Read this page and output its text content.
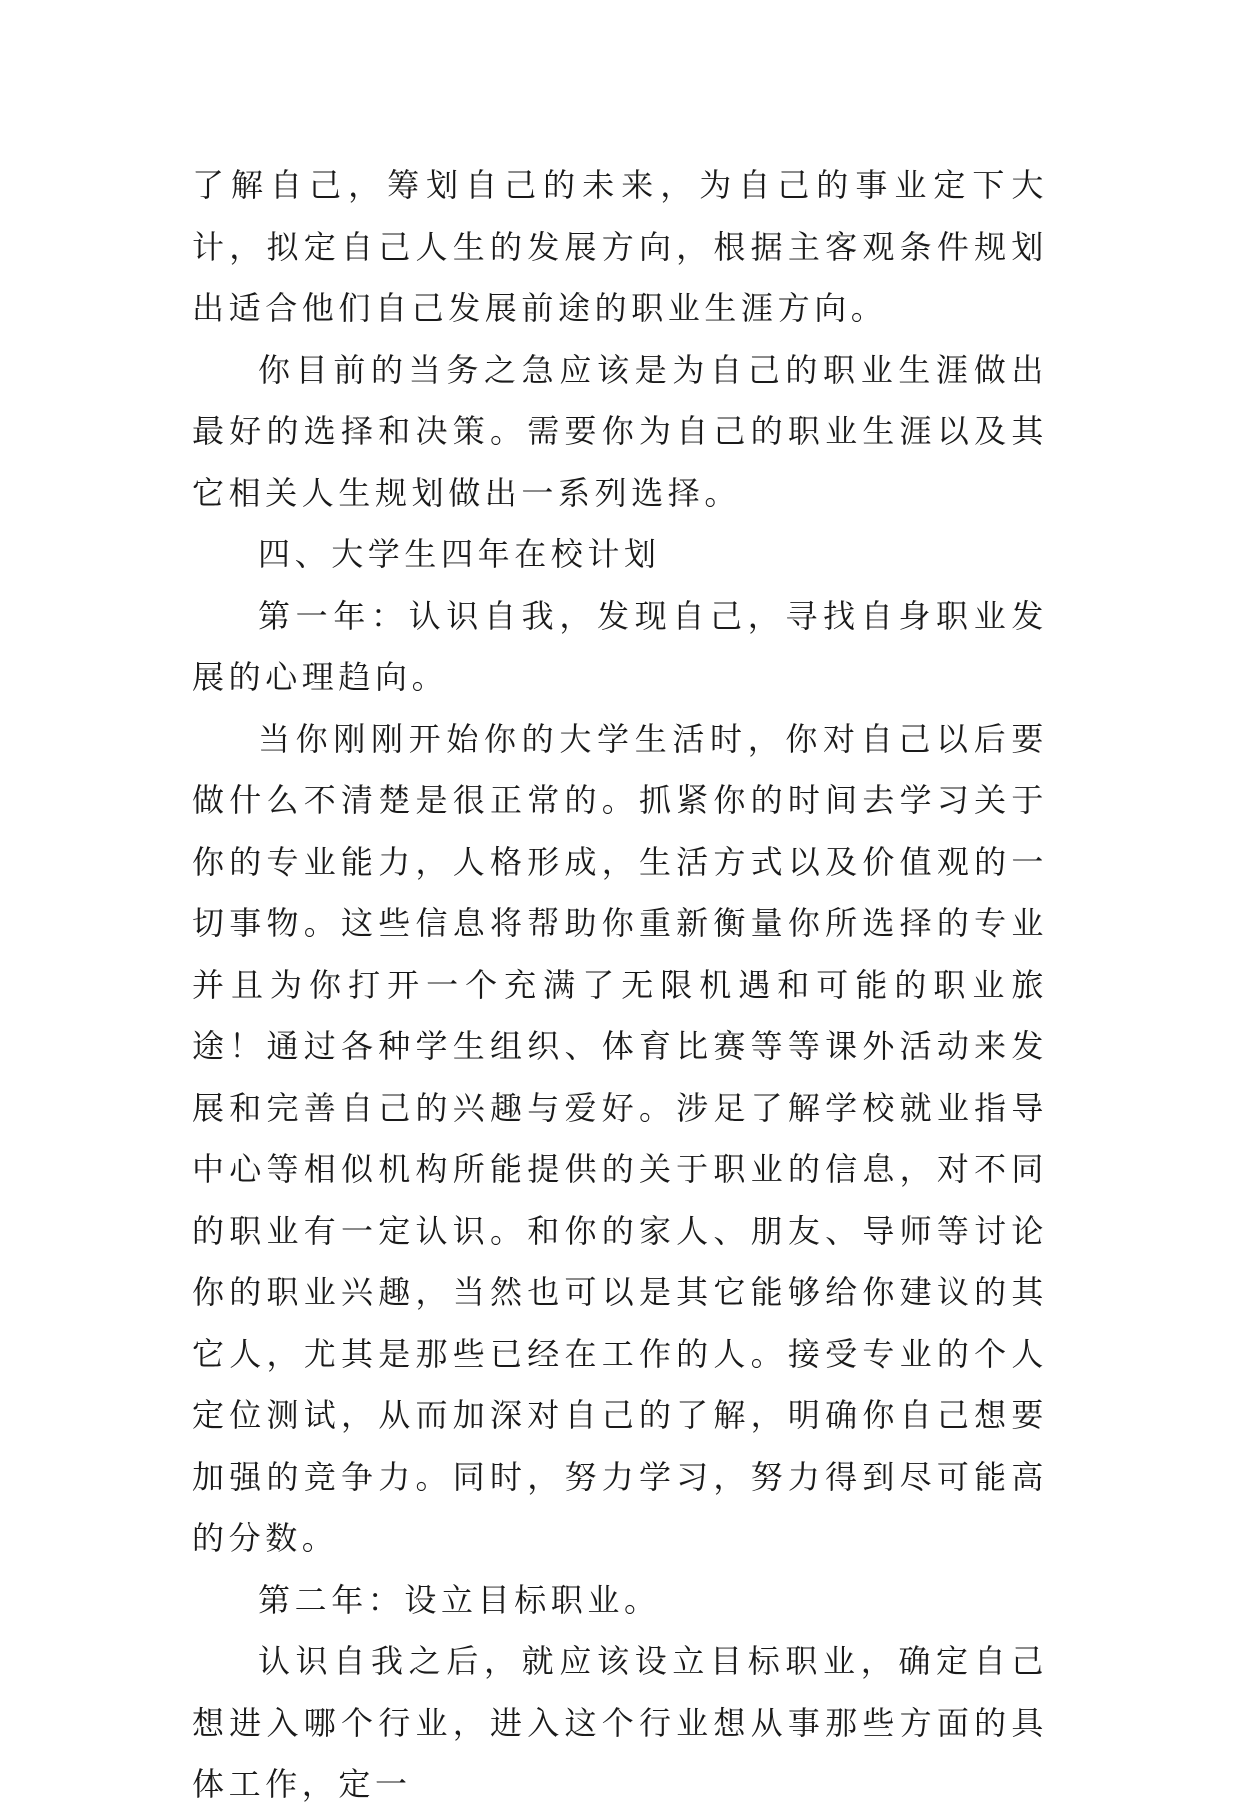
了解自己，筹划自己的未来，为自己的事业定下大计，拟定自己人生的发展方向，根据主客观条件规划出适合他们自己发展前途的职业生涯方向。

你目前的当务之急应该是为自己的职业生涯做出最好的选择和决策。需要你为自己的职业生涯以及其它相关人生规划做出一系列选择。

四、大学生四年在校计划

第一年：认识自我，发现自己，寻找自身职业发展的心理趋向。

当你刚刚开始你的大学生活时，你对自己以后要做什么不清楚是很正常的。抓紧你的时间去学习关于你的专业能力，人格形成，生活方式以及价值观的一切事物。这些信息将帮助你重新衡量你所选择的专业并且为你打开一个充满了无限机遇和可能的职业旅途！通过各种学生组织、体育比赛等等课外活动来发展和完善自己的兴趣与爱好。涉足了解学校就业指导中心等相似机构所能提供的关于职业的信息，对不同的职业有一定认识。和你的家人、朋友、导师等讨论你的职业兴趣，当然也可以是其它能够给你建议的其它人，尤其是那些已经在工作的人。接受专业的个人定位测试，从而加深对自己的了解，明确你自己想要加强的竞争力。同时，努力学习，努力得到尽可能高的分数。

第二年：设立目标职业。

认识自我之后，就应该设立目标职业，确定自己想进入哪个行业，进入这个行业想从事那些方面的具体工作，定一
